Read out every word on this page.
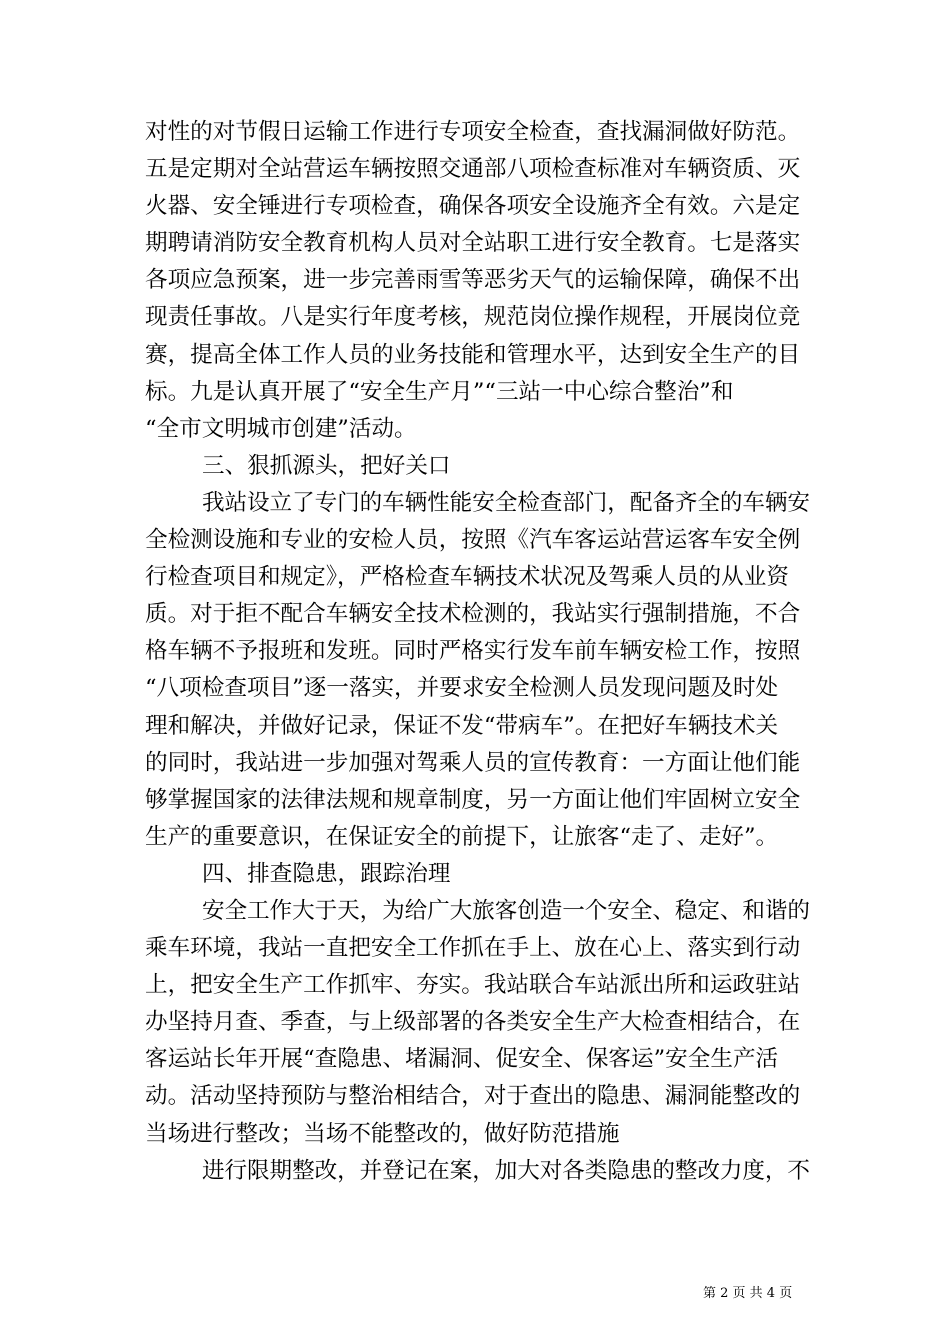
对性的对节假日运输工作进行专项安全检查，查找漏洞做好防范。
五是定期对全站营运车辆按照交通部八项检查标准对车辆资质、灭
火器、安全锤进行专项检查，确保各项安全设施齐全有效。六是定
期聘请消防安全教育机构人员对全站职工进行安全教育。七是落实
各项应急预案，进一步完善雨雪等恶劣天气的运输保障，确保不出
现责任事故。八是实行年度考核，规范岗位操作规程，开展岗位竞
赛，提高全体工作人员的业务技能和管理水平，达到安全生产的目
标。九是认真开展了“安全生产月”“三站一中心综合整治”和
“全市文明城市创建”活动。
三、狠抓源头，把好关口
我站设立了专门的车辆性能安全检查部门，配备齐全的车辆安
全检测设施和专业的安检人员，按照《汽车客运站营运客车安全例
行检查项目和规定》，严格检查车辆技术状况及驾乘人员的从业资
质。对于拒不配合车辆安全技术检测的，我站实行强制措施，不合
格车辆不予报班和发班。同时严格实行发车前车辆安检工作，按照
“八项检查项目”逐一落实，并要求安全检测人员发现问题及时处
理和解决，并做好记录，保证不发“带病车”。在把好车辆技术关
的同时，我站进一步加强对驾乘人员的宣传教育：一方面让他们能
够掌握国家的法律法规和规章制度，另一方面让他们牢固树立安全
生产的重要意识，在保证安全的前提下，让旅客“走了、走好”。
四、排查隐患，跟踪治理
安全工作大于天，为给广大旅客创造一个安全、稳定、和谐的
乘车环境，我站一直把安全工作抓在手上、放在心上、落实到行动
上，把安全生产工作抓牢、夯实。我站联合车站派出所和运政驻站
办坚持月查、季查，与上级部署的各类安全生产大检查相结合，在
客运站长年开展“查隐患、堵漏洞、促安全、保客运”安全生产活
动。活动坚持预防与整治相结合，对于查出的隐患、漏洞能整改的
当场进行整改；当场不能整改的，做好防范措施
进行限期整改，并登记在案，加大对各类隐患的整改力度，不
第 2 页 共 4 页
